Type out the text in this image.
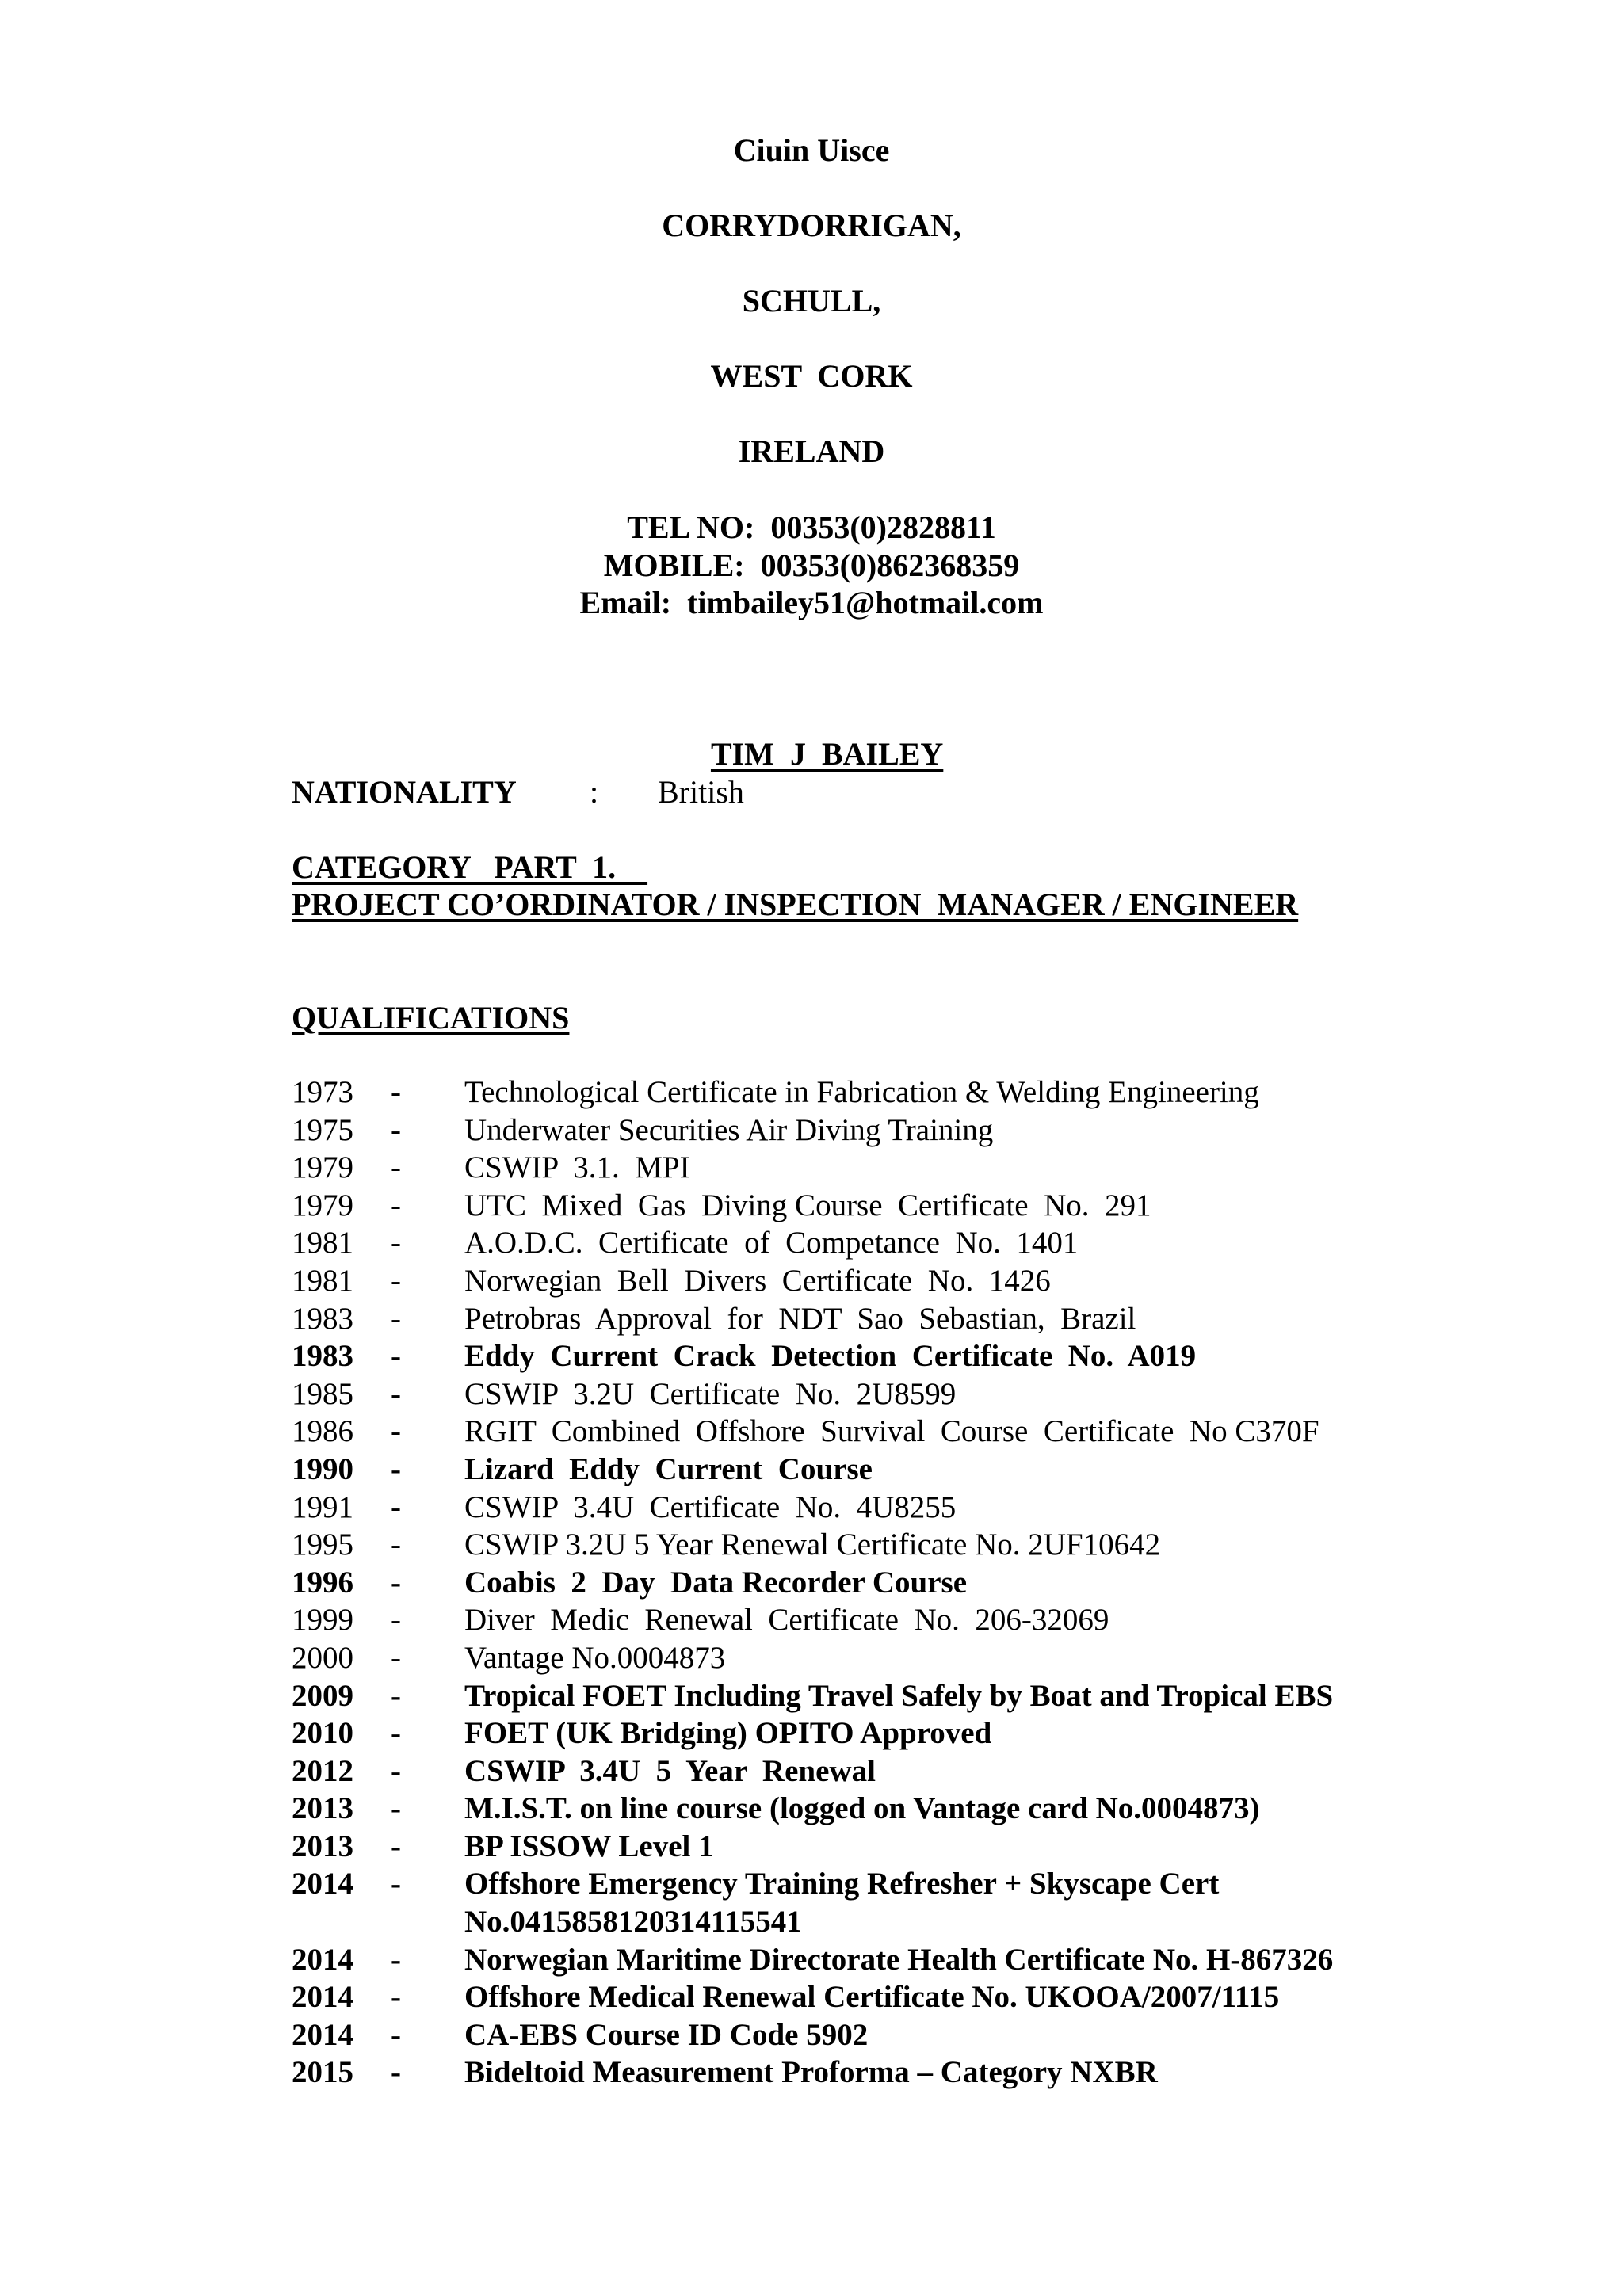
Ciuin Uisce
CORRYDORRIGAN,
SCHULL,
WEST  CORK
IRELAND
TEL NO:  00353(0)2828811
MOBILE:  00353(0)862368359
Email:  timbailey51@hotmail.com

TIM  J  BAILEY

NATIONALITY : British
CATEGORY   PART  1.
PROJECT CO’ORDINATOR / INSPECTION  MANAGER / ENGINEER
QUALIFICATIONS
1973 - Technological Certificate in Fabrication & Welding Engineering
1975 - Underwater Securities Air Diving Training
1979 - CSWIP  3.1.  MPI
1979 - UTC  Mixed  Gas  Diving Course  Certificate  No.  291
1981 - A.O.D.C.  Certificate  of  Competance  No.  1401
1981 - Norwegian  Bell  Divers  Certificate  No.  1426
1983 - Petrobras  Approval  for  NDT  Sao  Sebastian,  Brazil
1983 - Eddy  Current  Crack  Detection  Certificate  No.  A019
1985 - CSWIP  3.2U  Certificate  No.  2U8599
1986 - RGIT  Combined  Offshore  Survival  Course  Certificate  No C370F
1990 - Lizard  Eddy  Current  Course
1991 - CSWIP  3.4U  Certificate  No.  4U8255
1995 - CSWIP 3.2U 5 Year Renewal Certificate No. 2UF10642
1996 - Coabis  2  Day  Data Recorder Course
1999 - Diver  Medic  Renewal  Certificate  No.  206-32069
2000 - Vantage No.0004873
2009 - Tropical FOET Including Travel Safely by Boat and Tropical EBS
2010 - FOET (UK Bridging) OPITO Approved
2012 - CSWIP  3.4U  5  Year  Renewal
2013 - M.I.S.T. on line course (logged on Vantage card No.0004873)
2013 - BP ISSOW Level 1
2014 - Offshore Emergency Training Refresher + Skyscape Cert
No.0415858120314115541
2014 - Norwegian Maritime Directorate Health Certificate No. H-867326
2014 - Offshore Medical Renewal Certificate No. UKOOA/2007/1115
2014 - CA-EBS Course ID Code 5902
2015 - Bideltoid Measurement Proforma – Category NXBR
